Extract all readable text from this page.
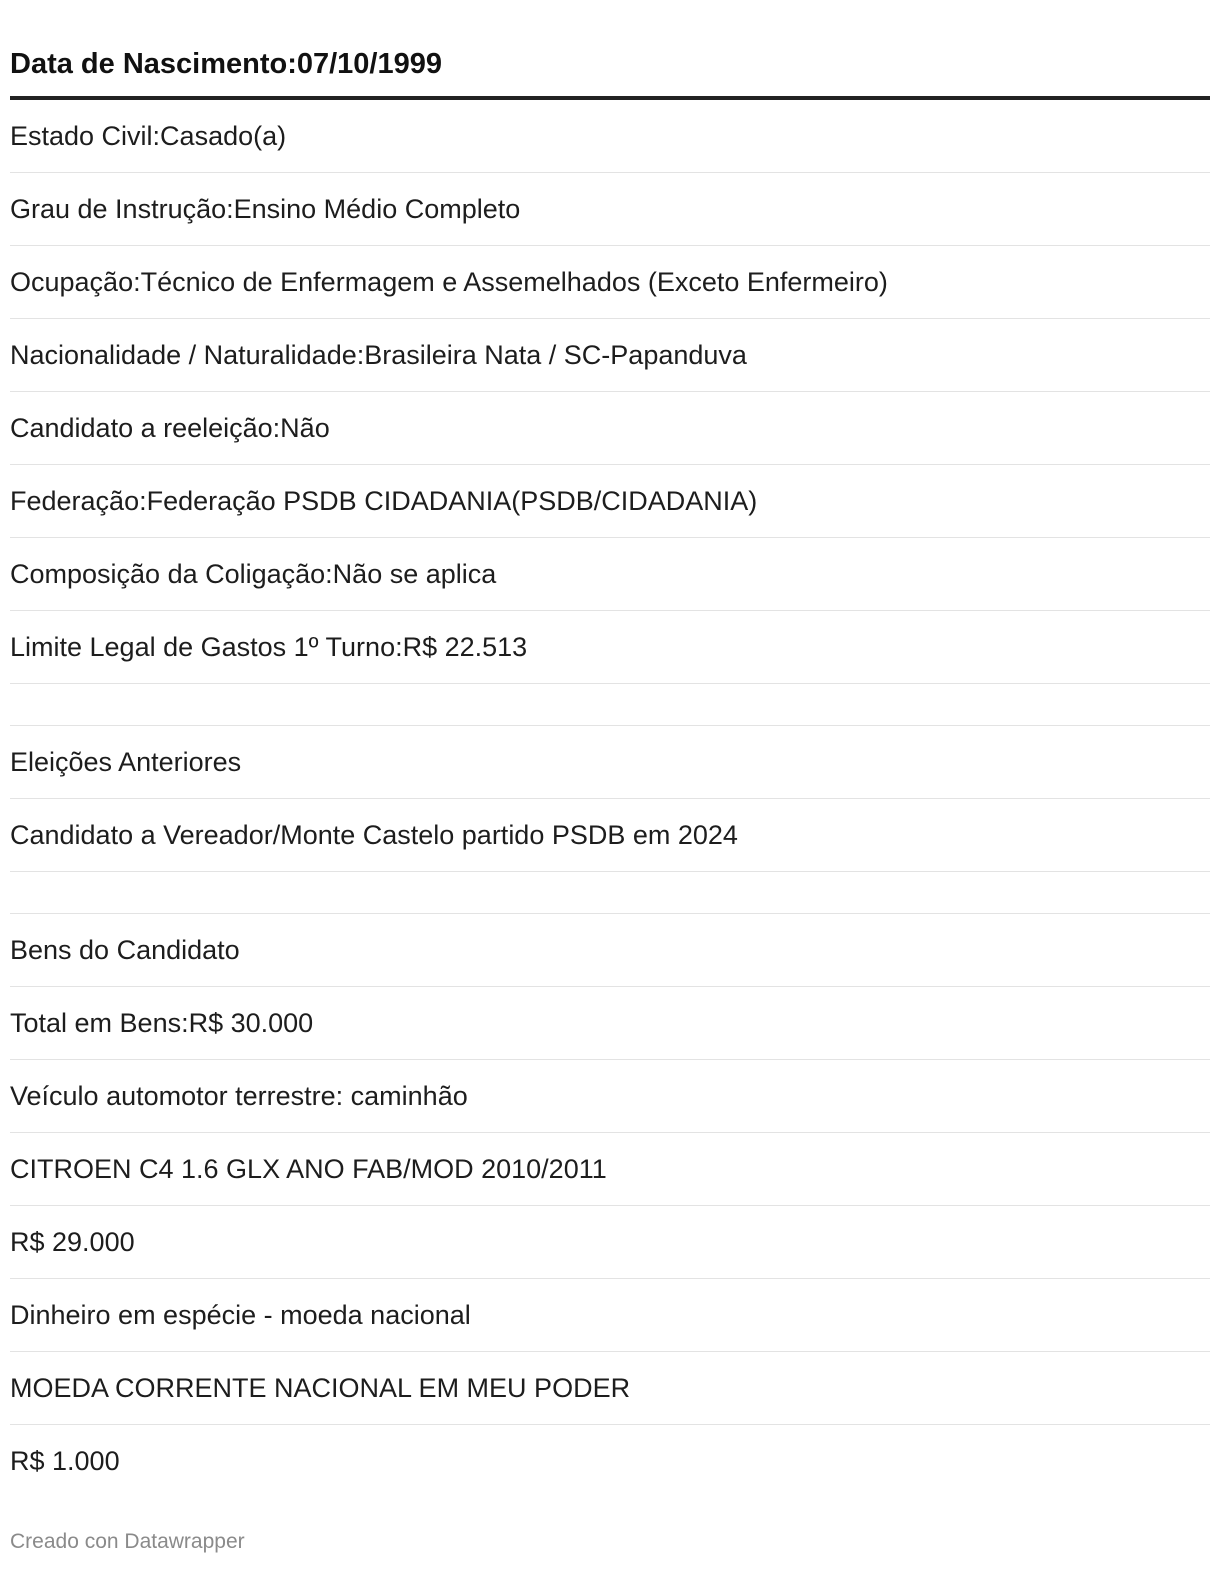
Data de Nascimento:07/10/1999
Estado Civil:Casado(a)
Grau de Instrução:Ensino Médio Completo
Ocupação:Técnico de Enfermagem e Assemelhados (Exceto Enfermeiro)
Nacionalidade / Naturalidade:Brasileira Nata / SC-Papanduva
Candidato a reeleição:Não
Federação:Federação PSDB CIDADANIA(PSDB/CIDADANIA)
Composição da Coligação:Não se aplica
Limite Legal de Gastos 1º Turno:R$ 22.513
Eleições Anteriores
Candidato a Vereador/Monte Castelo partido PSDB em 2024
Bens do Candidato
Total em Bens:R$ 30.000
Veículo automotor terrestre: caminhão
CITROEN C4 1.6 GLX ANO FAB/MOD 2010/2011
R$ 29.000
Dinheiro em espécie - moeda nacional
MOEDA CORRENTE NACIONAL EM MEU PODER
R$ 1.000
Creado con Datawrapper
